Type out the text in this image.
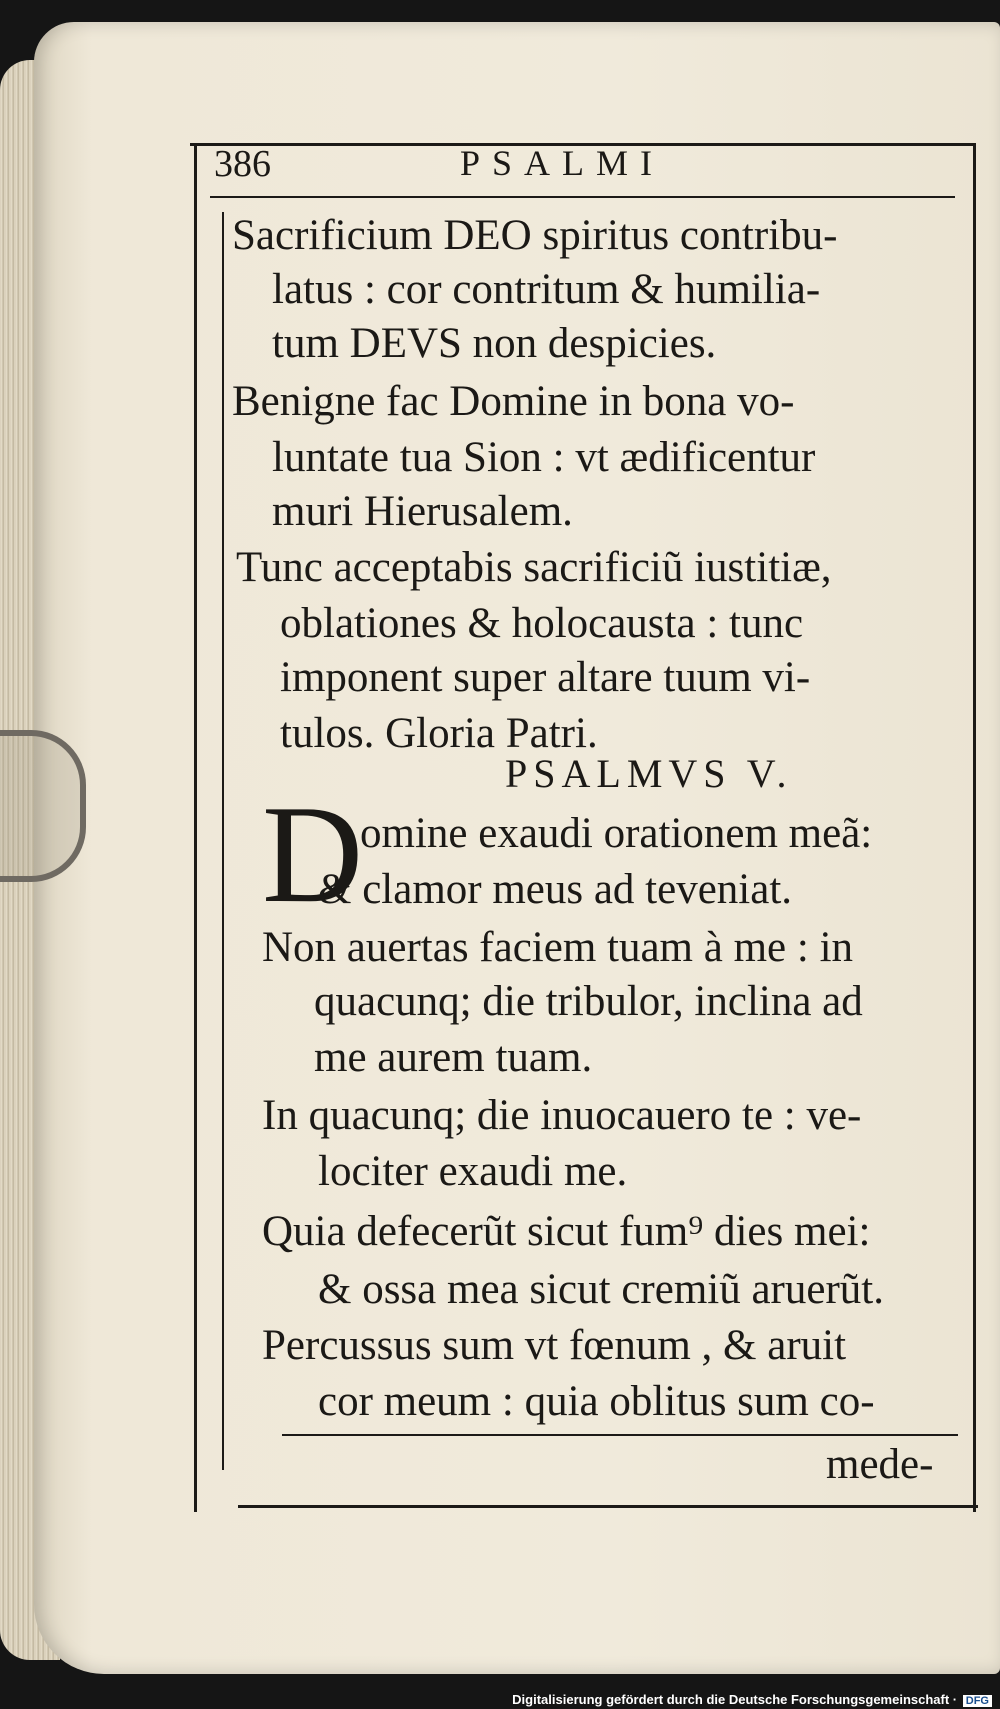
386	PSALMI
Sacrificium DEO spiritus contribu-
latus : cor contritum & humilia-
tum DEVS non despicies.
Benigne fac Domine in bona vo-
luntate tua Sion : vt ædificentur
muri Hierusalem.
Tunc acceptabis sacrificiũ iustitiæ,
oblationes & holocausta : tunc
imponent super altare tuum vi-
tulos. Gloria Patri.
PSALMVS V.
D
omine exaudi orationem meã:
& clamor meus ad teveniat.
Non auertas faciem tuam à me : in
quacunq; die tribulor, inclina ad
me aurem tuam.
In quacunq; die inuocauero te : ve-
lociter exaudi me.
Quia defecerũt sicut fum⁹ dies mei:
& ossa mea sicut cremiũ aruerũt.
Percussus sum vt fœnum , & aruit
cor meum : quia oblitus sum co-
mede-
Digitalisierung gefördert durch die Deutsche Forschungsgemeinschaft · DFG
